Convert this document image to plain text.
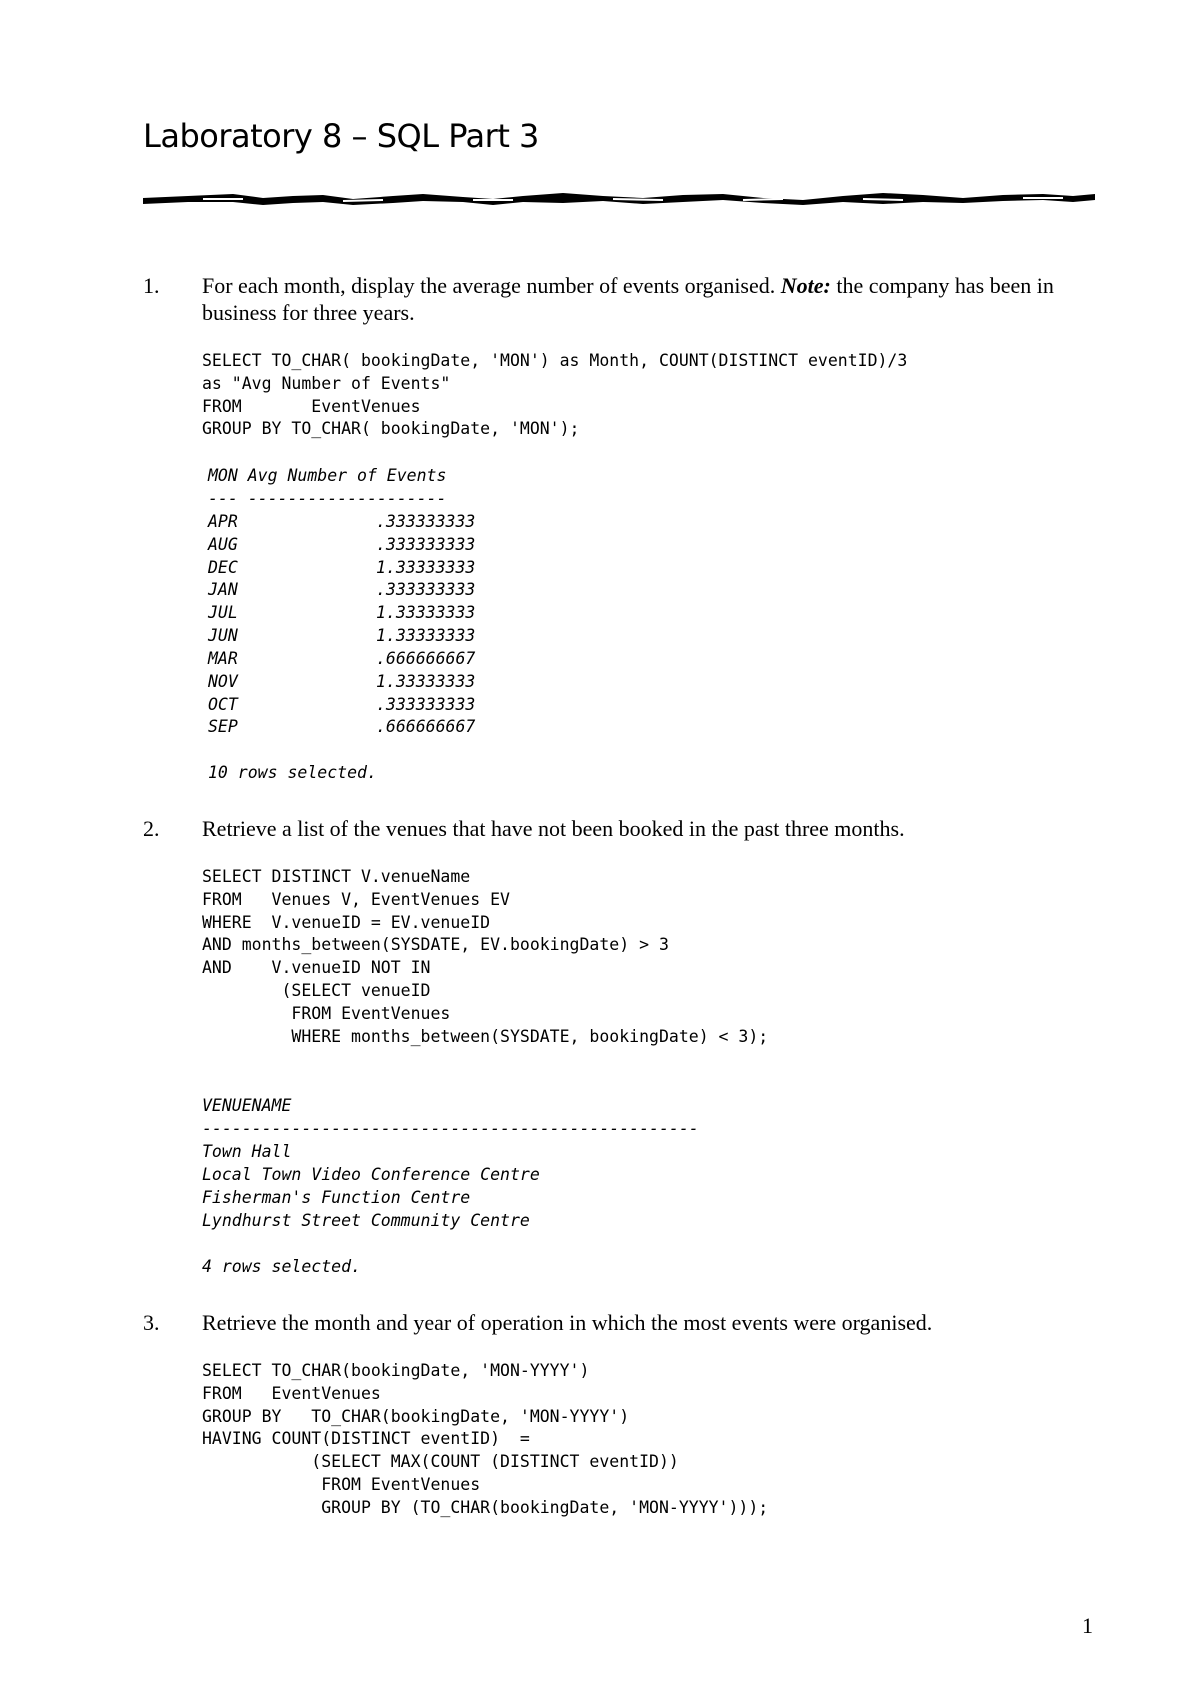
Laboratory 8 – SQL Part 3
1. For each month, display the average number of events organised. Note: the company has been in business for three years.
SELECT TO_CHAR( bookingDate, 'MON') as Month, COUNT(DISTINCT eventID)/3
as "Avg Number of Events"
FROM       EventVenues
GROUP BY TO_CHAR( bookingDate, 'MON');
MON Avg Number of Events
--- --------------------
APR	.333333333
AUG	.333333333
DEC	1.33333333
JAN	.333333333
JUL	1.33333333
JUN	1.33333333
MAR	.666666667
NOV	1.33333333
OCT	.333333333
SEP	.666666667
10 rows selected.
2. Retrieve a list of the venues that have not been booked in the past three months.
SELECT DISTINCT V.venueName
FROM   Venues V, EventVenues EV
WHERE  V.venueID = EV.venueID
AND months_between(SYSDATE, EV.bookingDate) > 3
AND    V.venueID NOT IN
(SELECT venueID
FROM EventVenues
WHERE months_between(SYSDATE, bookingDate) < 3);
VENUENAME
--------------------------------------------------
Town Hall
Local Town Video Conference Centre
Fisherman's Function Centre
Lyndhurst Street Community Centre
4 rows selected.
3. Retrieve the month and year of operation in which the most events were organised.
SELECT TO_CHAR(bookingDate, 'MON-YYYY')
FROM   EventVenues
GROUP BY   TO_CHAR(bookingDate, 'MON-YYYY')
HAVING COUNT(DISTINCT eventID)  =
(SELECT MAX(COUNT (DISTINCT eventID))
FROM EventVenues
GROUP BY (TO_CHAR(bookingDate, 'MON-YYYY')));
1
